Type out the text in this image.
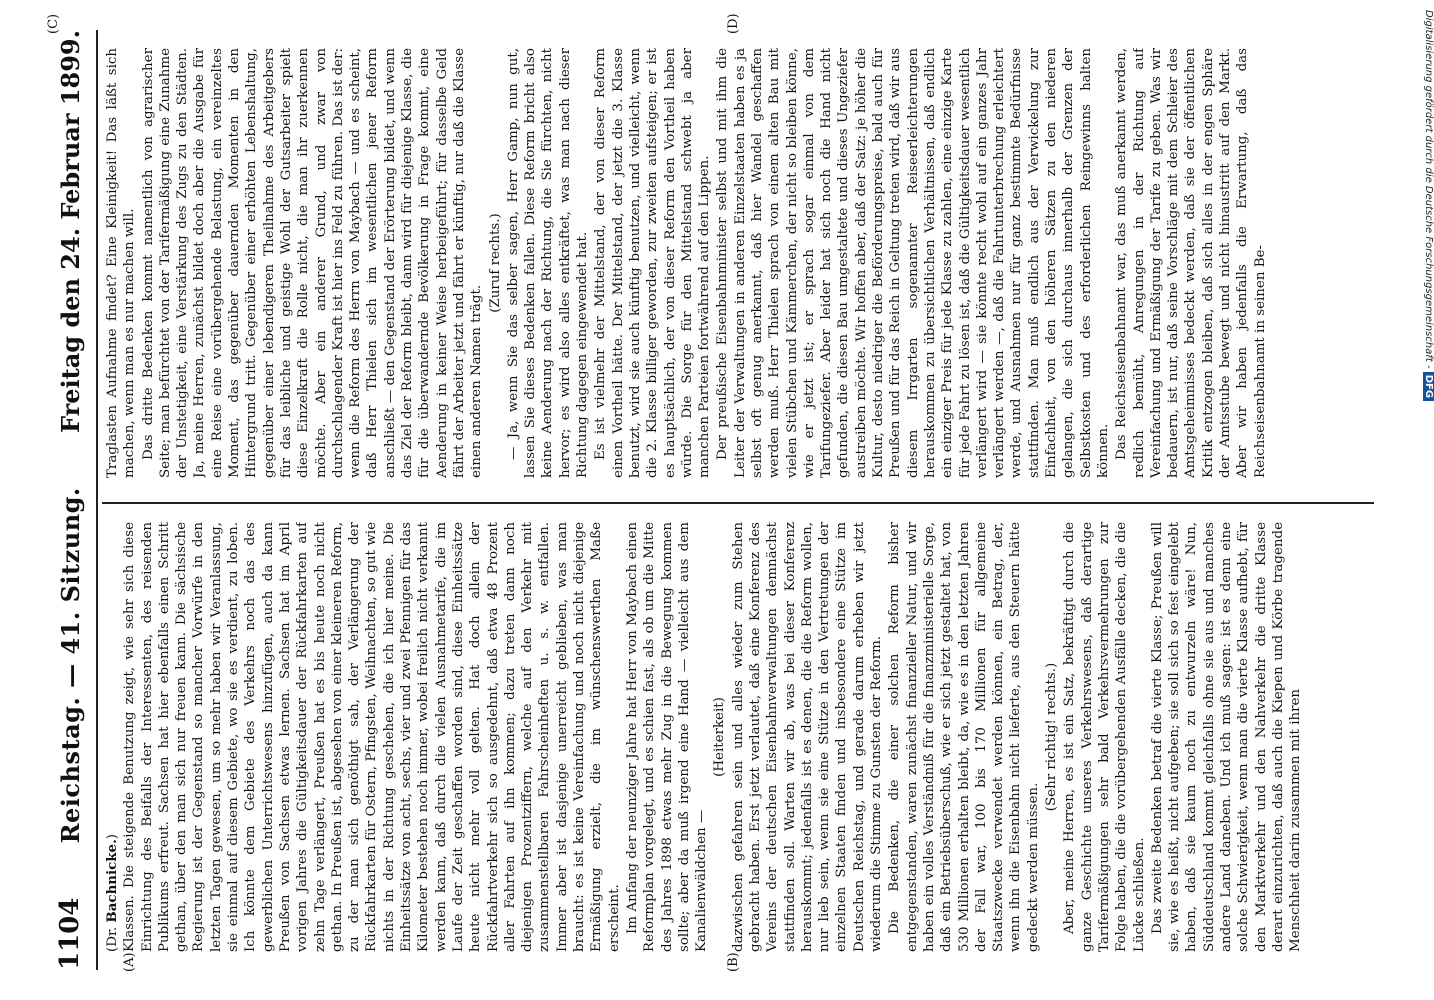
1104
Reichstag. — 41. Sitzung.
Freitag den 24. Februar 1899.
(A)	(B)
(C)	(D)

(Dr. Bachnicke.) Klassen. Die steigende Benutzung zeigt, wie sehr sich diese Einrichtung des Beifalls der Interessenten, des reisenden Publikums erfreut. Sachsen hat hier ebenfalls einen Schritt gethan, über den man sich nur freuen kann. Die sächsische Regierung ist der Gegenstand so mancher Vorwürfe in den letzten Tagen gewesen, um so mehr haben wir Veranlassung, sie einmal auf diesem Gebiete, wo sie es verdient, zu loben. Ich könnte dem Gebiete des Verkehrs noch das des gewerblichen Unterrichtswesens hinzufügen, auch da kann Preußen von Sachsen etwas lernen. Sachsen hat im April vorigen Jahres die Gültigkeitsdauer der Rückfahrkarten auf zehn Tage verlängert, Preußen hat es bis heute noch nicht gethan. In Preußen ist, abgesehen von einer kleineren Reform, zu der man sich genöthigt sah, der Verlängerung der Rückfahrkarten für Ostern, Pfingsten, Weihnachten, so gut wie nichts in der Richtung geschehen, die ich hier meine. Die Einheitssätze von acht, sechs, vier und zwei Pfennigen für das Kilometer bestehen noch immer, wobei freilich nicht verkannt werden kann, daß durch die vielen Ausnahmetarife, die im Laufe der Zeit geschaffen worden sind, diese Einheitssätze heute nicht mehr voll gelten. Hat doch allein der Rückfahrtverkehr sich so ausgedehnt, daß etwa 48 Prozent aller Fahrten auf ihn kommen; dazu treten dann noch diejenigen Prozentziffern, welche auf den Verkehr mit zusammenstellbaren Fahrscheinheften u. s. w. entfallen. Immer aber ist dasjenige unerreicht geblieben, was man braucht: es ist keine Vereinfachung und noch nicht diejenige Ermäßigung erzielt, die im wünschenswerthen Maße erscheint. Im Anfang der neunziger Jahre hat Herr von Maybach einen Reformplan vorgelegt, und es schien fast, als ob um die Mitte des Jahres 1898 etwas mehr Zug in die Bewegung kommen sollte; aber da muß irgend eine Hand — vielleicht aus dem Kanalienwäldchen —

(Heiterkeit) dazwischen gefahren sein und alles wieder zum Stehen gebracht haben. Erst jetzt verlautet, daß eine Konferenz des Vereins der deutschen Eisenbahnverwaltungen demnächst stattfinden soll. Warten wir ab, was bei dieser Konferenz herauskommt; jedenfalls ist es denen, die die Reform wollen, nur lieb sein, wenn sie eine Stütze in den Vertretungen der einzelnen Staaten finden und insbesondere eine Stütze im Deutschen Reichstag, und gerade darum erheben wir jetzt wiederum die Stimme zu Gunsten der Reform. Die Bedenken, die einer solchen Reform bisher entgegenstanden, waren zunächst finanzieller Natur, und wir haben ein volles Verständniß für die finanzministerielle Sorge, daß ein Betriebsüberschuß, wie er sich jetzt gestaltet hat, von 530 Millionen erhalten bleibt, da, wie es in den letzten Jahren der Fall war, 100 bis 170 Millionen für allgemeine Staatszwecke verwendet werden können, ein Betrag, der, wenn ihn die Eisenbahn nicht lieferte, aus den Steuern hätte gedeckt werden müssen.

(Sehr richtig! rechts.) Aber, meine Herren, es ist ein Satz, bekräftigt durch die ganze Geschichte unseres Verkehrswesens, daß derartige Tarifermäßigungen sehr bald Verkehrsvermehrungen zur Folge haben, die die vorübergehenden Ausfälle decken, die die Lücke schließen. Das zweite Bedenken betraf die vierte Klasse; Preußen will sie, wie es heißt, nicht aufgeben; sie soll sich so fest eingelebt haben, daß sie kaum noch zu entwurzeln wäre! Nun, Süddeutschland kommt gleichfalls ohne sie aus und manches andere Land daneben. Und ich muß sagen: ist es denn eine solche Schwierigkeit, wenn man die vierte Klasse aufhebt, für den Marktverkehr und den Nahverkehr die dritte Klasse derart einzurichten, daß auch die Kiepen und Körbe tragende Menschheit darin zusammen mit ihren

Traglasten Aufnahme findet? Eine Kleinigkeit! Das läßt sich machen, wenn man es nur machen will. Das dritte Bedenken kommt namentlich von agrarischer Seite; man befürchtet von der Tarifermäßigung eine Zunahme der Unstetigkeit, eine Verstärkung des Zugs zu den Städten. Ja, meine Herren, zunächst bildet doch aber die Ausgabe für eine Reise eine vorübergehende Belastung, ein vereinzeltes Moment, das gegenüber dauernden Momenten in den Hintergrund tritt. Gegenüber einer erhöhten Lebenshaltung, gegenüber einer lebendigeren Theilnahme des Arbeitgebers für das leibliche und geistige Wohl der Gutsarbeiter spielt diese Einzelkraft die Rolle nicht, die man ihr zuerkennen möchte. Aber ein anderer Grund, und zwar von durchschlagender Kraft ist hier ins Feld zu führen. Das ist der: wenn die Reform des Herrn von Maybach — und es scheint, daß Herr Thielen sich im wesentlichen jener Reform anschließt — den Gegenstand der Erörterung bildet, und wenn das Ziel der Reform bleibt, dann wird für diejenige Klasse, die für die überwandernde Bevölkerung in Frage kommt, eine Aenderung in keiner Weise herbeigeführt; für dasselbe Geld fährt der Arbeiter jetzt und fährt er künftig, nur daß die Klasse einen anderen Namen trägt.

(Zuruf rechts.) — Ja, wenn Sie das selber sagen, Herr Gamp, nun gut, lassen Sie dieses Bedenken fallen. Diese Reform bricht also keine Aenderung nach der Richtung, die Sie fürchten, nicht hervor; es wird also alles entkräftet, was man nach dieser Richtung dagegen eingewendet hat. Es ist vielmehr der Mittelstand, der von dieser Reform einen Vortheil hätte. Der Mittelstand, der jetzt die 3. Klasse benutzt, wird sie auch künftig benutzen, und vielleicht, wenn die 2. Klasse billiger geworden, zur zweiten aufsteigen; er ist es hauptsächlich, der von dieser Reform den Vortheil haben würde. Die Sorge für den Mittelstand schwebt ja aber manchen Parteien fortwährend auf den Lippen. Der preußische Eisenbahnminister selbst und mit ihm die Leiter der Verwaltungen in anderen Einzelstaaten haben es ja selbst oft genug anerkannt, daß hier Wandel geschaffen werden muß. Herr Thielen sprach von einem alten Bau mit vielen Stübchen und Kämmerchen, der nicht so bleiben könne, wie er jetzt ist; er sprach sogar einmal von dem Tarifungeziefer. Aber leider hat sich noch die Hand nicht gefunden, die diesen Bau umgestaltete und dieses Ungeziefer austreiben möchte. Wir hoffen aber, daß der Satz: je höher die Kultur, desto niedriger die Beförderungspreise, bald auch für Preußen und für das Reich in Geltung treten wird, daß wir aus diesem Irrgarten sogenannter Reiseerleichterungen herauskommen zu übersichtlichen Verhältnissen, daß endlich ein einziger Preis für jede Klasse zu zahlen, eine einzige Karte für jede Fahrt zu lösen ist, daß die Gültigkeitsdauer wesentlich verlängert wird — sie könnte recht wohl auf ein ganzes Jahr verlängert werden —, daß die Fahrtunterbrechung erleichtert werde, und Ausnahmen nur für ganz bestimmte Bedürfnisse stattfinden. Man muß endlich aus der Verwickelung zur Einfachheit, von den höheren Sätzen zu den niederen gelangen, die sich durchaus innerhalb der Grenzen der Selbstkosten und des erforderlichen Reingewinns halten können. Das Reichseisenbahnamt war, das muß anerkannt werden, redlich bemüht, Anregungen in der Richtung auf Vereinfachung und Ermäßigung der Tarife zu geben. Was wir bedauern, ist nur, daß seine Vorschläge mit dem Schleier des Amtsgeheimnisses bedeckt werden, daß sie der öffentlichen Kritik entzogen bleiben, daß sich alles in der engen Sphäre der Amtsstube bewegt und nicht hinaustritt auf den Markt. Aber wir haben jedenfalls die Erwartung, daß das Reichseisenbahnamt in seinen Be-	Digitalisierung gefördert durch die Deutsche Forschungsgemeinschaft - DFG
